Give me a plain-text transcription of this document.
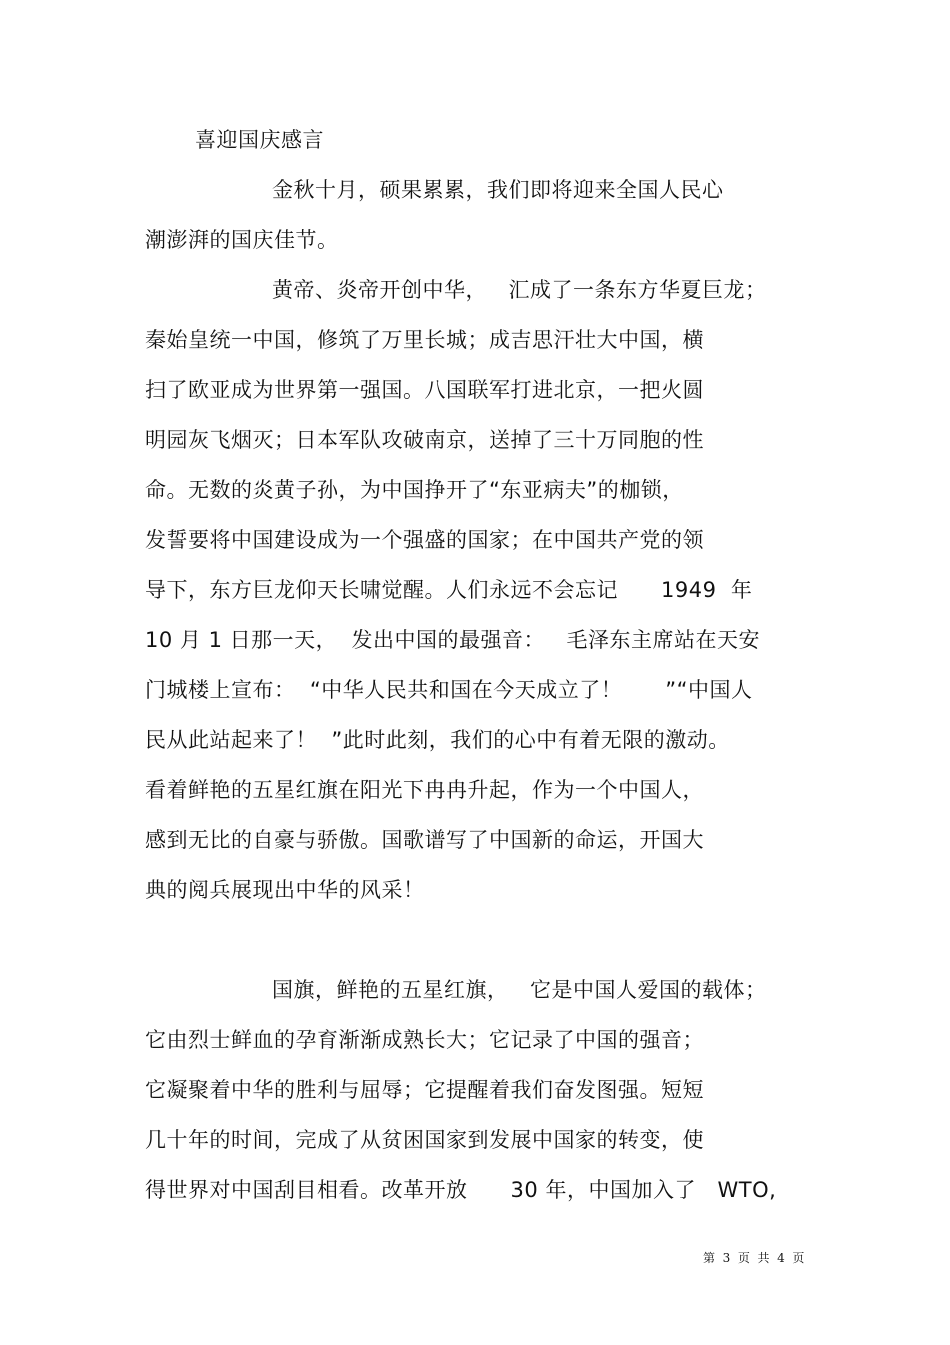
喜迎国庆感言
金秋十月，硕果累累，我们即将迎来全国人民心
潮澎湃的国庆佳节。
黄帝、炎帝开创中华，   汇成了一条东方华夏巨龙；
秦始皇统一中国，修筑了万里长城；成吉思汗壮大中国，横
扫了欧亚成为世界第一强国。八国联军打进北京，一把火圆
明园灰飞烟灭；日本军队攻破南京，送掉了三十万同胞的性
命。无数的炎黄子孙，为中国挣开了“东亚病夫”的枷锁，
发誓要将中国建设成为一个强盛的国家；在中国共产党的领
导下，东方巨龙仰天长啸觉醒。人们永远不会忘记      1949  年
10 月 1 日那一天，  发出中国的最强音：   毛泽东主席站在天安
门城楼上宣布：  “中华人民共和国在今天成立了！      ”“中国人
民从此站起来了！  ”此时此刻，我们的心中有着无限的激动。
看着鲜艳的五星红旗在阳光下冉冉升起，作为一个中国人，
感到无比的自豪与骄傲。国歌谱写了中国新的命运，开国大
典的阅兵展现出中华的风采！
国旗，鲜艳的五星红旗，   它是中国人爱国的载体；
它由烈士鲜血的孕育渐渐成熟长大；它记录了中国的强音；
它凝聚着中华的胜利与屈辱；它提醒着我们奋发图强。短短
几十年的时间，完成了从贫困国家到发展中国家的转变，使
得世界对中国刮目相看。改革开放      30 年，中国加入了   WTO,
第  3  页  共  4  页
